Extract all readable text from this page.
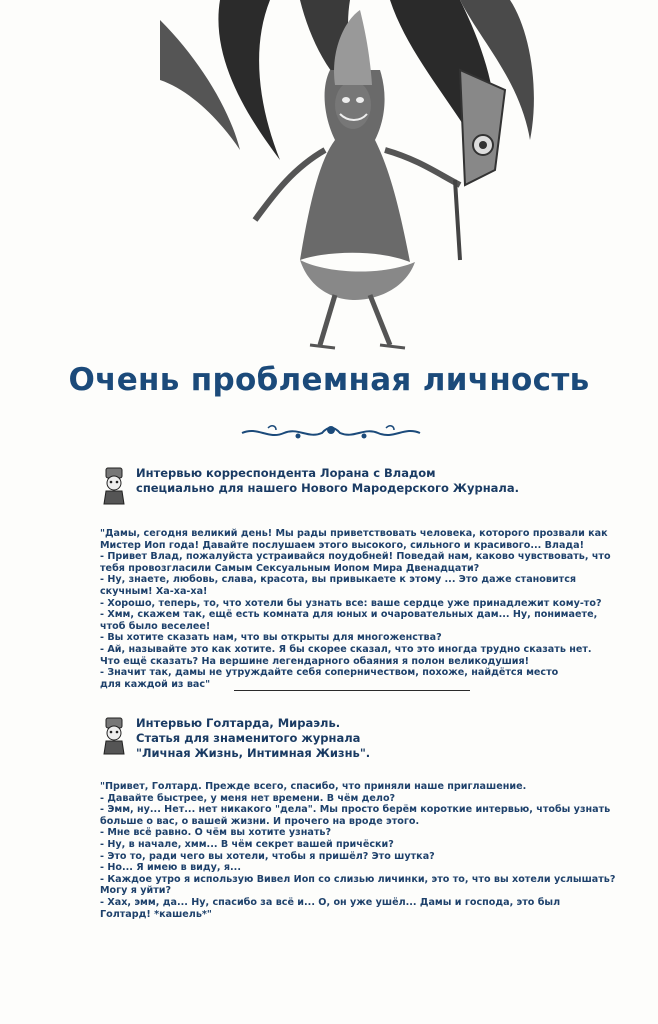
Очень проблемная личность
Интервью корреспондента Лорана с Владом
специально для нашего Нового Мародерского Журнала.
"Дамы, сегодня великий день! Мы рады приветствовать человека, которого прозвали как
Мистер Иоп года! Давайте послушаем этого высокого, сильного и красивого... Влада!
- Привет Влад, пожалуйста устраивайся поудобней! Поведай нам, каково чувствовать, что
тебя провозгласили Самым Сексуальным Иопом Мира Двенадцати?
- Ну, знаете, любовь, слава, красота, вы привыкаете к этому ... Это даже становится
скучным! Ха-ха-ха!
- Хорошо, теперь, то, что хотели бы узнать все: ваше сердце уже принадлежит кому-то?
- Хмм, скажем так, ещё есть комната для юных и очаровательных дам... Ну, понимаете,
чтоб было веселее!
- Вы хотите сказать нам, что вы открыты для многоженства?
- Ай, называйте это как хотите. Я бы скорее сказал, что это иногда трудно сказать нет.
Что ещё сказать? На вершине легендарного обаяния я полон великодушия!
- Значит так, дамы не утруждайте себя соперничеством, похоже, найдётся место
для каждой из вас"
Интервью Голтарда, Мираэль.
Статья для знаменитого журнала
"Личная Жизнь, Интимная Жизнь".
"Привет, Голтард. Прежде всего, спасибо, что приняли наше приглашение.
- Давайте быстрее, у меня нет времени. В чём дело?
- Эмм, ну... Нет... нет никакого "дела". Мы просто берём короткие интервью, чтобы узнать
больше о вас, о вашей жизни. И прочего на вроде этого.
- Мне всё равно. О чём вы хотите узнать?
- Ну, в начале, хмм... В чём секрет вашей причёски?
- Это то, ради чего вы хотели, чтобы я пришёл? Это шутка?
- Но... Я имею в виду, я...
- Каждое утро я использую Вивел Иоп со слизью личинки, это то, что вы хотели услышать?
Могу я уйти?
- Хах, эмм, да... Ну, спасибо за всё и... О, он уже ушёл... Дамы и господа, это был
Голтард! *кашель*"
